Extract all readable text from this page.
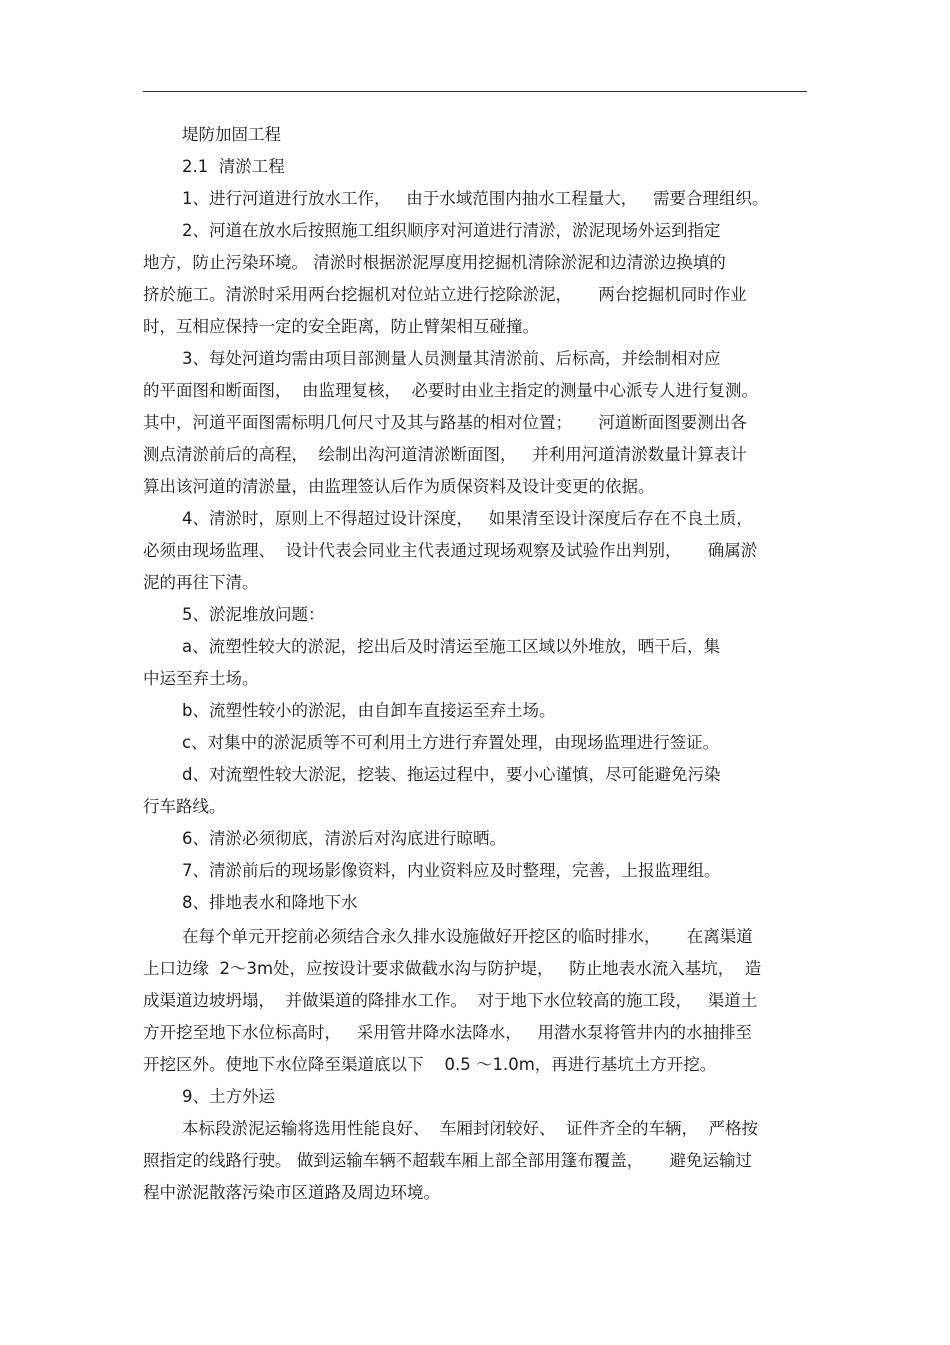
堤防加固工程

2.1  清淤工程

1、进行河道进行放水工作，   由于水域范围内抽水工程量大，   需要合理组织。

2、河道在放水后按照施工组织顺序对河道进行清淤，淤泥现场外运到指定

地方，防止污染环境。 清淤时根据淤泥厚度用挖掘机清除淤泥和边清淤边换填的

挤於施工。清淤时采用两台挖掘机对位站立进行挖除淤泥，     两台挖掘机同时作业

时，互相应保持一定的安全距离，防止臂架相互碰撞。

3、每处河道均需由项目部测量人员测量其清淤前、后标高，并绘制相对应

的平面图和断面图，  由监理复核，  必要时由业主指定的测量中心派专人进行复测。

其中，河道平面图需标明几何尺寸及其与路基的相对位置；     河道断面图要测出各

测点清淤前后的高程，  绘制出沟河道清淤断面图，   并利用河道清淤数量计算表计

算出该河道的清淤量，由监理签认后作为质保资料及设计变更的依据。

4、清淤时，原则上不得超过设计深度，   如果清至设计深度后存在不良土质，

必须由现场监理、  设计代表会同业主代表通过现场观察及试验作出判别，     确属淤

泥的再往下清。

5、淤泥堆放问题：

a、流塑性较大的淤泥，挖出后及时清运至施工区域以外堆放，晒干后，集

中运至弃土场。

b、流塑性较小的淤泥，由自卸车直接运至弃土场。

c、对集中的淤泥质等不可利用土方进行弃置处理，由现场监理进行签证。

d、对流塑性较大淤泥，挖装、拖运过程中，要小心谨慎，尽可能避免污染

行车路线。

6、清淤必须彻底，清淤后对沟底进行晾晒。

7、清淤前后的现场影像资料，内业资料应及时整理，完善，上报监理组。

8、排地表水和降地下水

在每个单元开挖前必须结合永久排水设施做好开挖区的临时排水，     在离渠道

上口边缘  2～3m处，应按设计要求做截水沟与防护堤，   防止地表水流入基坑，  造

成渠道边坡坍塌，  并做渠道的降排水工作。  对于地下水位较高的施工段，   渠道土

方开挖至地下水位标高时，   采用管井降水法降水，   用潜水泵将管井内的水抽排至

开挖区外。使地下水位降至渠道底以下    0.5 ～1.0m，再进行基坑土方开挖。

9、土方外运

本标段淤泥运输将选用性能良好、  车厢封闭较好、  证件齐全的车辆，  严格按

照指定的线路行驶。 做到运输车辆不超载车厢上部全部用篷布覆盖，     避免运输过

程中淤泥散落污染市区道路及周边环境。
